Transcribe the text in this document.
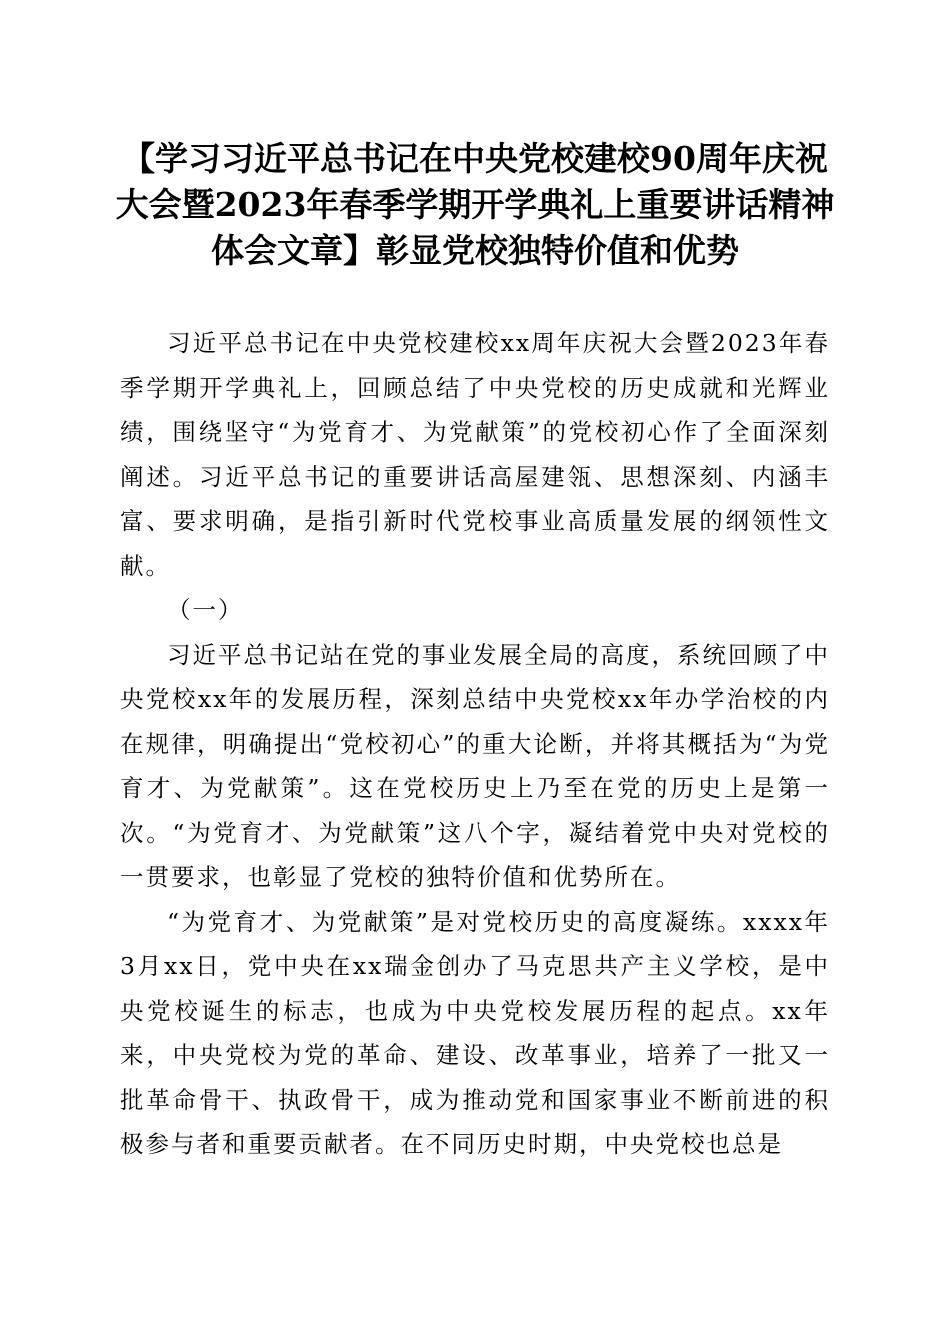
【学习习近平总书记在中央党校建校90周年庆祝大会暨2023年春季学期开学典礼上重要讲话精神体会文章】彰显党校独特价值和优势

习近平总书记在中央党校建校xx周年庆祝大会暨2023年春季学期开学典礼上，回顾总结了中央党校的历史成就和光辉业绩，围绕坚守“为党育才、为党献策”的党校初心作了全面深刻阐述。习近平总书记的重要讲话高屋建瓴、思想深刻、内涵丰富、要求明确，是指引新时代党校事业高质量发展的纲领性文献。

（一）

习近平总书记站在党的事业发展全局的高度，系统回顾了中央党校xx年的发展历程，深刻总结中央党校xx年办学治校的内在规律，明确提出“党校初心”的重大论断，并将其概括为“为党育才、为党献策”。这在党校历史上乃至在党的历史上是第一次。“为党育才、为党献策”这八个字，凝结着党中央对党校的一贯要求，也彰显了党校的独特价值和优势所在。

“为党育才、为党献策”是对党校历史的高度凝练。xxxx年3月xx日，党中央在xx瑞金创办了马克思共产主义学校，是中央党校诞生的标志，也成为中央党校发展历程的起点。xx年来，中央党校为党的革命、建设、改革事业，培养了一批又一批革命骨干、执政骨干，成为推动党和国家事业不断前进的积极参与者和重要贡献者。在不同历史时期，中央党校也总是
